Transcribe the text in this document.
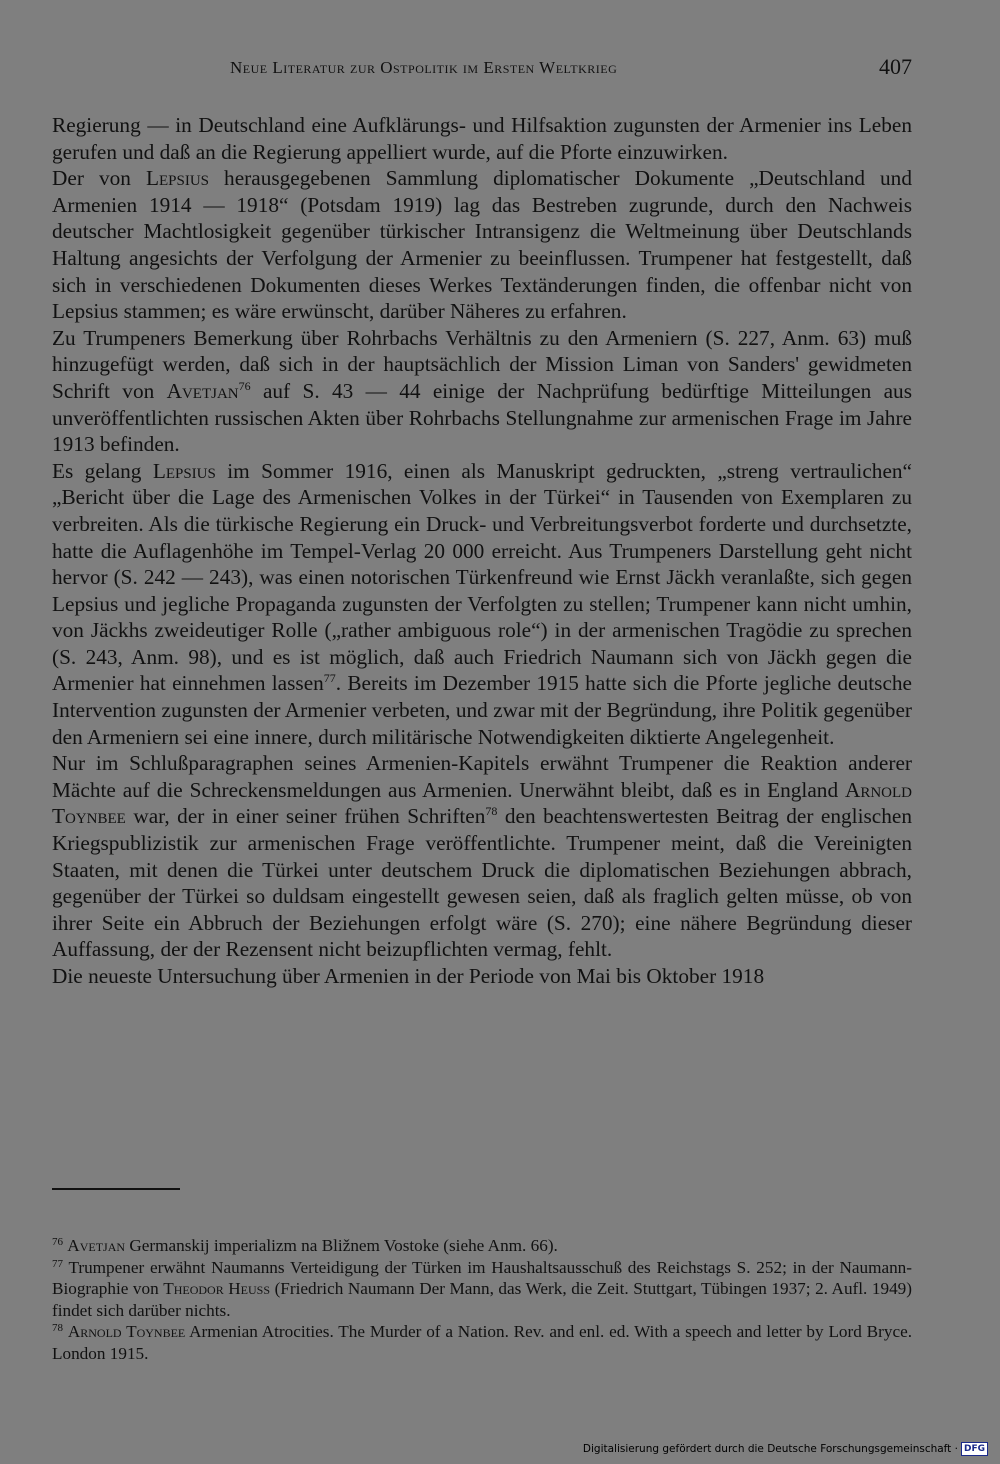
Neue Literatur zur Ostpolitik im Ersten Weltkrieg	407

Regierung — in Deutschland eine Aufklärungs- und Hilfsaktion zugunsten der Armenier ins Leben gerufen und daß an die Regierung appelliert wurde, auf die Pforte einzuwirken.

Der von Lepsius herausgegebenen Sammlung diplomatischer Dokumente „Deutschland und Armenien 1914 — 1918“ (Potsdam 1919) lag das Bestreben zugrunde, durch den Nachweis deutscher Machtlosigkeit gegenüber türkischer Intransigenz die Weltmeinung über Deutschlands Haltung angesichts der Verfolgung der Armenier zu beeinflussen. Trumpener hat festgestellt, daß sich in verschiedenen Dokumenten dieses Werkes Textänderungen finden, die offenbar nicht von Lepsius stammen; es wäre erwünscht, darüber Näheres zu erfahren.

Zu Trumpeners Bemerkung über Rohrbachs Verhältnis zu den Armeniern (S. 227, Anm. 63) muß hinzugefügt werden, daß sich in der hauptsächlich der Mission Liman von Sanders' gewidmeten Schrift von Avetjan$^{76}$ auf S. 43 — 44 einige der Nachprüfung bedürftige Mitteilungen aus unveröffentlichten russischen Akten über Rohrbachs Stellungnahme zur armenischen Frage im Jahre 1913 befinden.

Es gelang Lepsius im Sommer 1916, einen als Manuskript gedruckten, „streng vertraulichen“ „Bericht über die Lage des Armenischen Volkes in der Türkei“ in Tausenden von Exemplaren zu verbreiten. Als die türkische Regierung ein Druck- und Verbreitungsverbot forderte und durchsetzte, hatte die Auflagenhöhe im Tempel-Verlag 20 000 erreicht. Aus Trumpeners Darstellung geht nicht hervor (S. 242 — 243), was einen notorischen Türkenfreund wie Ernst Jäckh veranlaßte, sich gegen Lepsius und jegliche Propaganda zugunsten der Verfolgten zu stellen; Trumpener kann nicht umhin, von Jäckhs zweideutiger Rolle („rather ambiguous role“) in der armenischen Tragödie zu sprechen (S. 243, Anm. 98), und es ist möglich, daß auch Friedrich Naumann sich von Jäckh gegen die Armenier hat einnehmen lassen$^{77}$. Bereits im Dezember 1915 hatte sich die Pforte jegliche deutsche Intervention zugunsten der Armenier verbeten, und zwar mit der Begründung, ihre Politik gegenüber den Armeniern sei eine innere, durch militärische Notwendigkeiten diktierte Angelegenheit.

Nur im Schlußparagraphen seines Armenien-Kapitels erwähnt Trumpener die Reaktion anderer Mächte auf die Schreckensmeldungen aus Armenien. Unerwähnt bleibt, daß es in England Arnold Toynbee war, der in einer seiner frühen Schriften$^{78}$ den beachtenswertesten Beitrag der englischen Kriegspublizistik zur armenischen Frage veröffentlichte. Trumpener meint, daß die Vereinigten Staaten, mit denen die Türkei unter deutschem Druck die diplomatischen Beziehungen abbrach, gegenüber der Türkei so duldsam eingestellt gewesen seien, daß als fraglich gelten müsse, ob von ihrer Seite ein Abbruch der Beziehungen erfolgt wäre (S. 270); eine nähere Begründung dieser Auffassung, der der Rezensent nicht beizupflichten vermag, fehlt.

Die neueste Untersuchung über Armenien in der Periode von Mai bis Oktober 1918

$^{76}$ Avetjan Germanskij imperializm na Bližnem Vostoke (siehe Anm. 66).

$^{77}$ Trumpener erwähnt Naumanns Verteidigung der Türken im Haushaltsausschuß des Reichstags S. 252; in der Naumann-Biographie von Theodor Heuss (Friedrich Naumann Der Mann, das Werk, die Zeit. Stuttgart, Tübingen 1937; 2. Aufl. 1949) findet sich darüber nichts.

$^{78}$ Arnold Toynbee Armenian Atrocities. The Murder of a Nation. Rev. and enl. ed. With a speech and letter by Lord Bryce. London 1915.

Digitalisierung gefördert durch die Deutsche Forschungsgemeinschaft · DFG
